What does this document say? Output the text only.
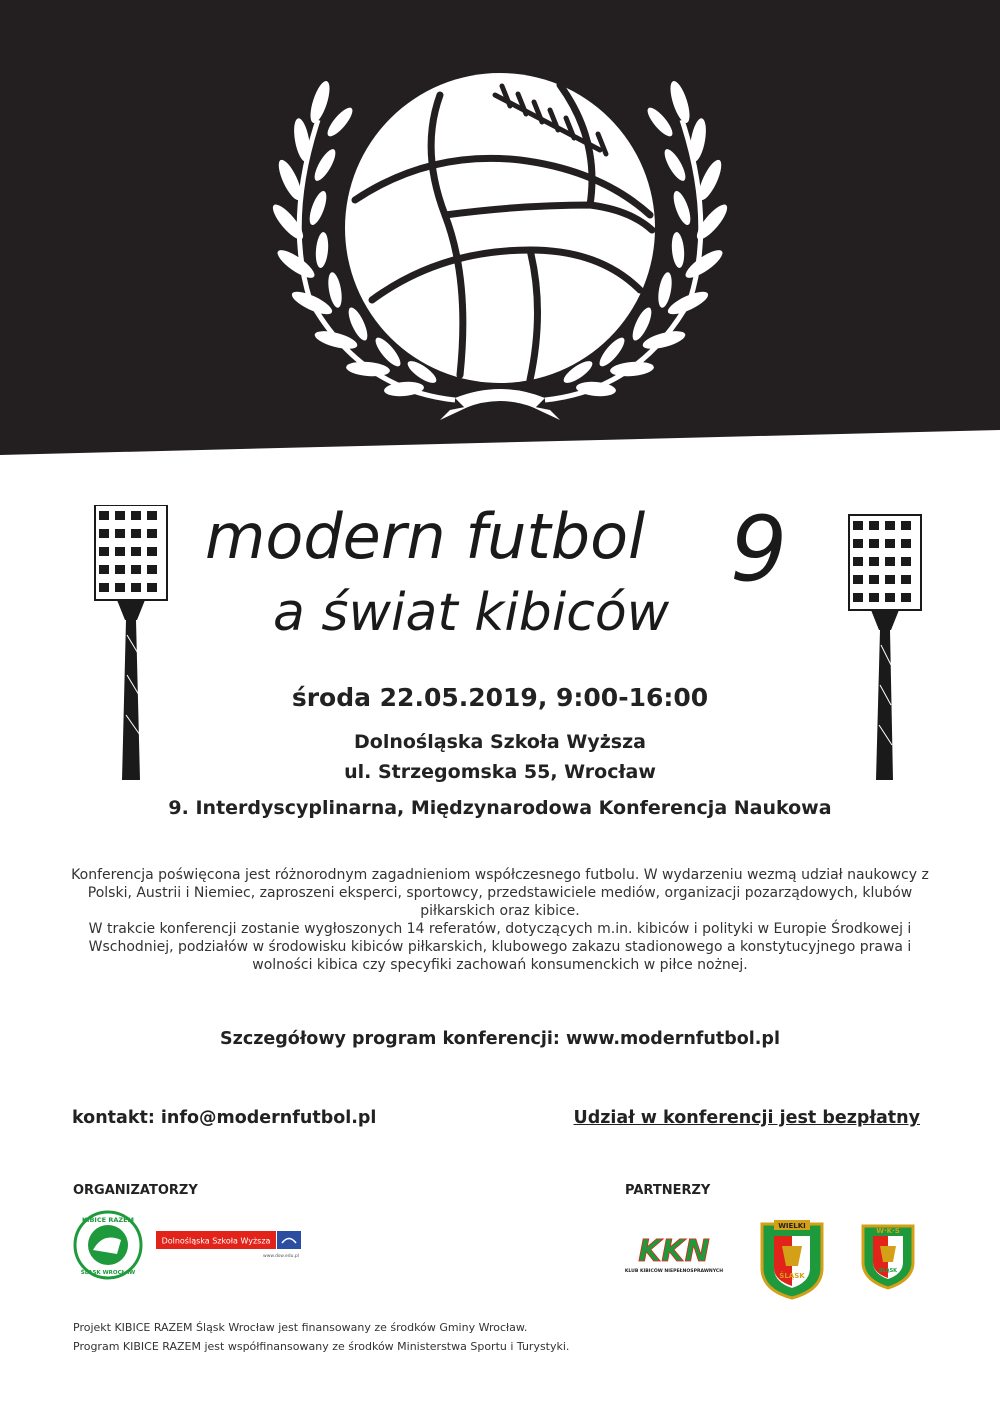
modern futbol
a świat kibiców
9
środa 22.05.2019, 9:00-16:00
Dolnośląska Szkoła Wyższa
ul. Strzegomska 55, Wrocław
9. Interdyscyplinarna, Międzynarodowa Konferencja Naukowa

Konferencja poświęcona jest różnorodnym zagadnieniom współczesnego futbolu. W wydarzeniu wezmą udział naukowcy z Polski, Austrii i Niemiec, zaproszeni eksperci, sportowcy, przedstawiciele mediów, organizacji pozarządowych, klubów piłkarskich oraz kibice.

W trakcie konferencji zostanie wygłoszonych 14 referatów, dotyczących m.in. kibiców i polityki w Europie Środkowej i Wschodniej, podziałów w środowisku kibiców piłkarskich, klubowego zakazu stadionowego a konstytucyjnego prawa i wolności kibica czy specyfiki zachowań konsumenckich w piłce nożnej.

Szczegółowy program konferencji: www.modernfutbol.pl
kontakt: info@modernfutbol.pl	Udział w konferencji jest bezpłatny
ORGANIZATORZY	PARTNERZY
KIBICE RAZEM
ŚLĄSK WROCŁAW
Dolnośląska Szkoła Wyższa
www.dsw.edu.pl	KKN
KLUB KIBICÓW NIEPEŁNOSPRAWNYCH
WIELKI
ŚLĄSK
W·K·S
ŚLĄSK
Projekt KIBICE RAZEM Śląsk Wrocław jest finansowany ze środków Gminy Wrocław.
Program KIBICE RAZEM jest współfinansowany ze środków Ministerstwa Sportu i Turystyki.
